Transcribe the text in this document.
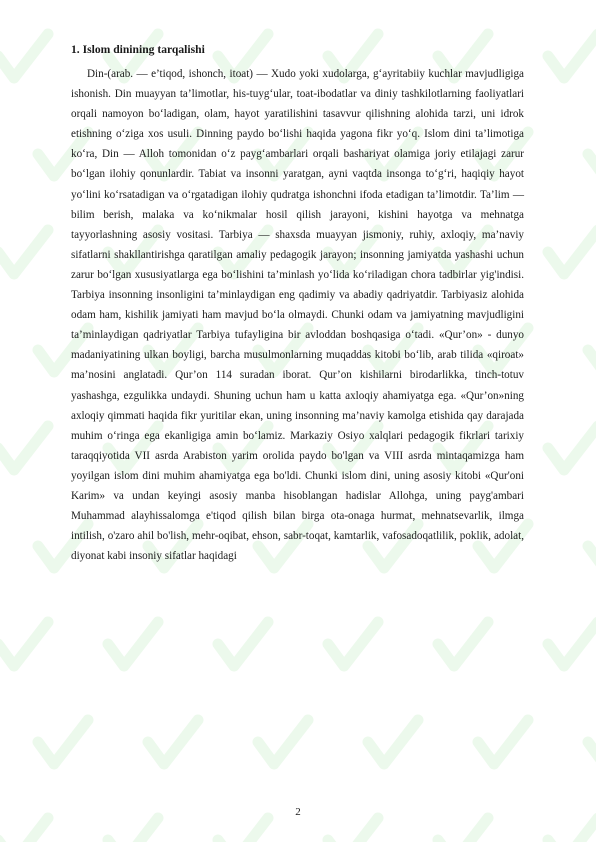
1. Islom dinining tarqalishi

Din-(arab. — e’tiqod, ishonch, itoat) — Xudo yoki xudolarga, g‘ayritabiiy kuchlar mavjudligiga ishonish. Din muayyan ta’limotlar, his-tuyg‘ular, toat-ibodatlar va diniy tashkilotlarning faoliyatlari orqali namoyon bo‘ladigan, olam, hayot yaratilishini tasavvur qilishning alohida tarzi, uni idrok etishning o‘ziga xos usuli. Dinning paydo bo‘lishi haqida yagona fikr yo‘q. Islom dini ta’limotiga ko‘ra, Din — Alloh tomonidan o‘z payg‘ambarlari orqali bashariyat olamiga joriy etilajagi zarur bo‘lgan ilohiy qonunlardir. Tabiat va insonni yaratgan, ayni vaqtda insonga to‘g‘ri, haqiqiy hayot yo‘lini ko‘rsatadigan va o‘rgatadigan ilohiy qudratga ishonchni ifoda etadigan ta’limotdir. Ta’lim — bilim berish, malaka va ko‘nikmalar hosil qilish jarayoni, kishini hayotga va mehnatga tayyorlashning asosiy vositasi. Tarbiya — shaxsda muayyan jismoniy, ruhiy, axloqiy, ma’naviy sifatlarni shakllantirishga qaratilgan amaliy pedagogik jarayon; insonning jamiyatda yashashi uchun zarur bo‘lgan xususiyatlarga ega bo‘lishini ta’minlash yo‘lida ko‘riladigan chora tadbirlar yig'indisi. Tarbiya insonning insonligini ta’minlaydigan eng qadimiy va abadiy qadriyatdir. Tarbiyasiz alohida odam ham, kishilik jamiyati ham mavjud bo‘la olmaydi. Chunki odam va jamiyatning mavjudligini ta’minlaydigan qadriyatlar Tarbiya tufayligina bir avloddan boshqasiga o‘tadi. «Qur’on» - dunyo madaniyatining ulkan boyligi, barcha musulmonlarning muqaddas kitobi bo‘lib, arab tilida «qiroat» ma’nosini anglatadi. Qur’on 114 suradan iborat. Qur’on kishilarni birodarlikka, tinch-totuv yashashga, ezgulikka undaydi. Shuning uchun ham u katta axloqiy ahamiyatga ega. «Qur’on»ning axloqiy qimmati haqida fikr yuritilar ekan, uning insonning ma’naviy kamolga etishida qay darajada muhim o‘ringa ega ekanligiga amin bo‘lamiz. Markaziy Osiyo xalqlari pedagogik fikrlari tarixiy taraqqiyotida VII asrda Arabiston yarim orolida paydo bo'lgan va VIII asrda mintaqamizga ham yoyilgan islom dini muhim ahamiyatga ega bo'ldi. Chunki islom dini, uning asosiy kitobi «Qur'oni Karim» va undan keyingi asosiy manba hisoblangan hadislar Allohga, uning payg'ambari Muhammad alayhissalomga e'tiqod qilish bilan birga ota-onaga hurmat, mehnatsevarlik, ilmga intilish, o'zaro ahil bo'lish, mehr-oqibat, ehson, sabr-toqat, kamtarlik, vafosadoqatlilik, poklik, adolat, diyonat kabi insoniy sifatlar haqidagi

2
